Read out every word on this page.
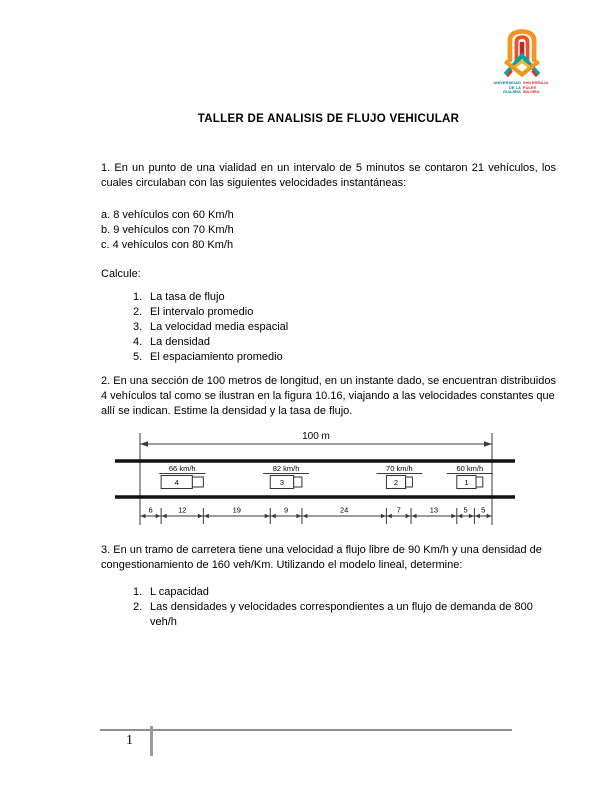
UNIVERSIDAD
DE LA GUAJIRA
SHII ERRAJA
PÜLEE WAJIIRA
TALLER DE ANALISIS DE FLUJO VEHICULAR

1. En un punto de una vialidad en un intervalo de 5 minutos se contaron 21 vehículos, los cuales circulaban con las siguientes velocidades instantáneas:

a. 8 vehículos con 60 Km/h
b. 9 vehículos con 70 Km/h
c. 4 vehículos con 80 Km/h

Calcule:

1. La tasa de flujo
2. El intervalo promedio
3. La velocidad media espacial
4. La densidad
5. El espaciamiento promedio

2. En una sección de 100 metros de longitud, en un instante dado, se encuentran distribuidos 4 vehículos tal como se ilustran en la figura 10.16, viajando a las velocidades constantes que allí se indican. Estime la densidad y la tasa de flujo.

100 m
6	12	19	9	24	7	13	5 5
66 km/h
4
82 km/h
3
70 km/h
2
60 km/h
1

3. En un tramo de carretera tiene una velocidad a flujo libre de 90 Km/h y una densidad de congestionamiento de 160 veh/Km. Utilizando el modelo lineal, determine:

1. L capacidad
2. Las densidades y velocidades correspondientes a un flujo de demanda de 800 veh/h
1
